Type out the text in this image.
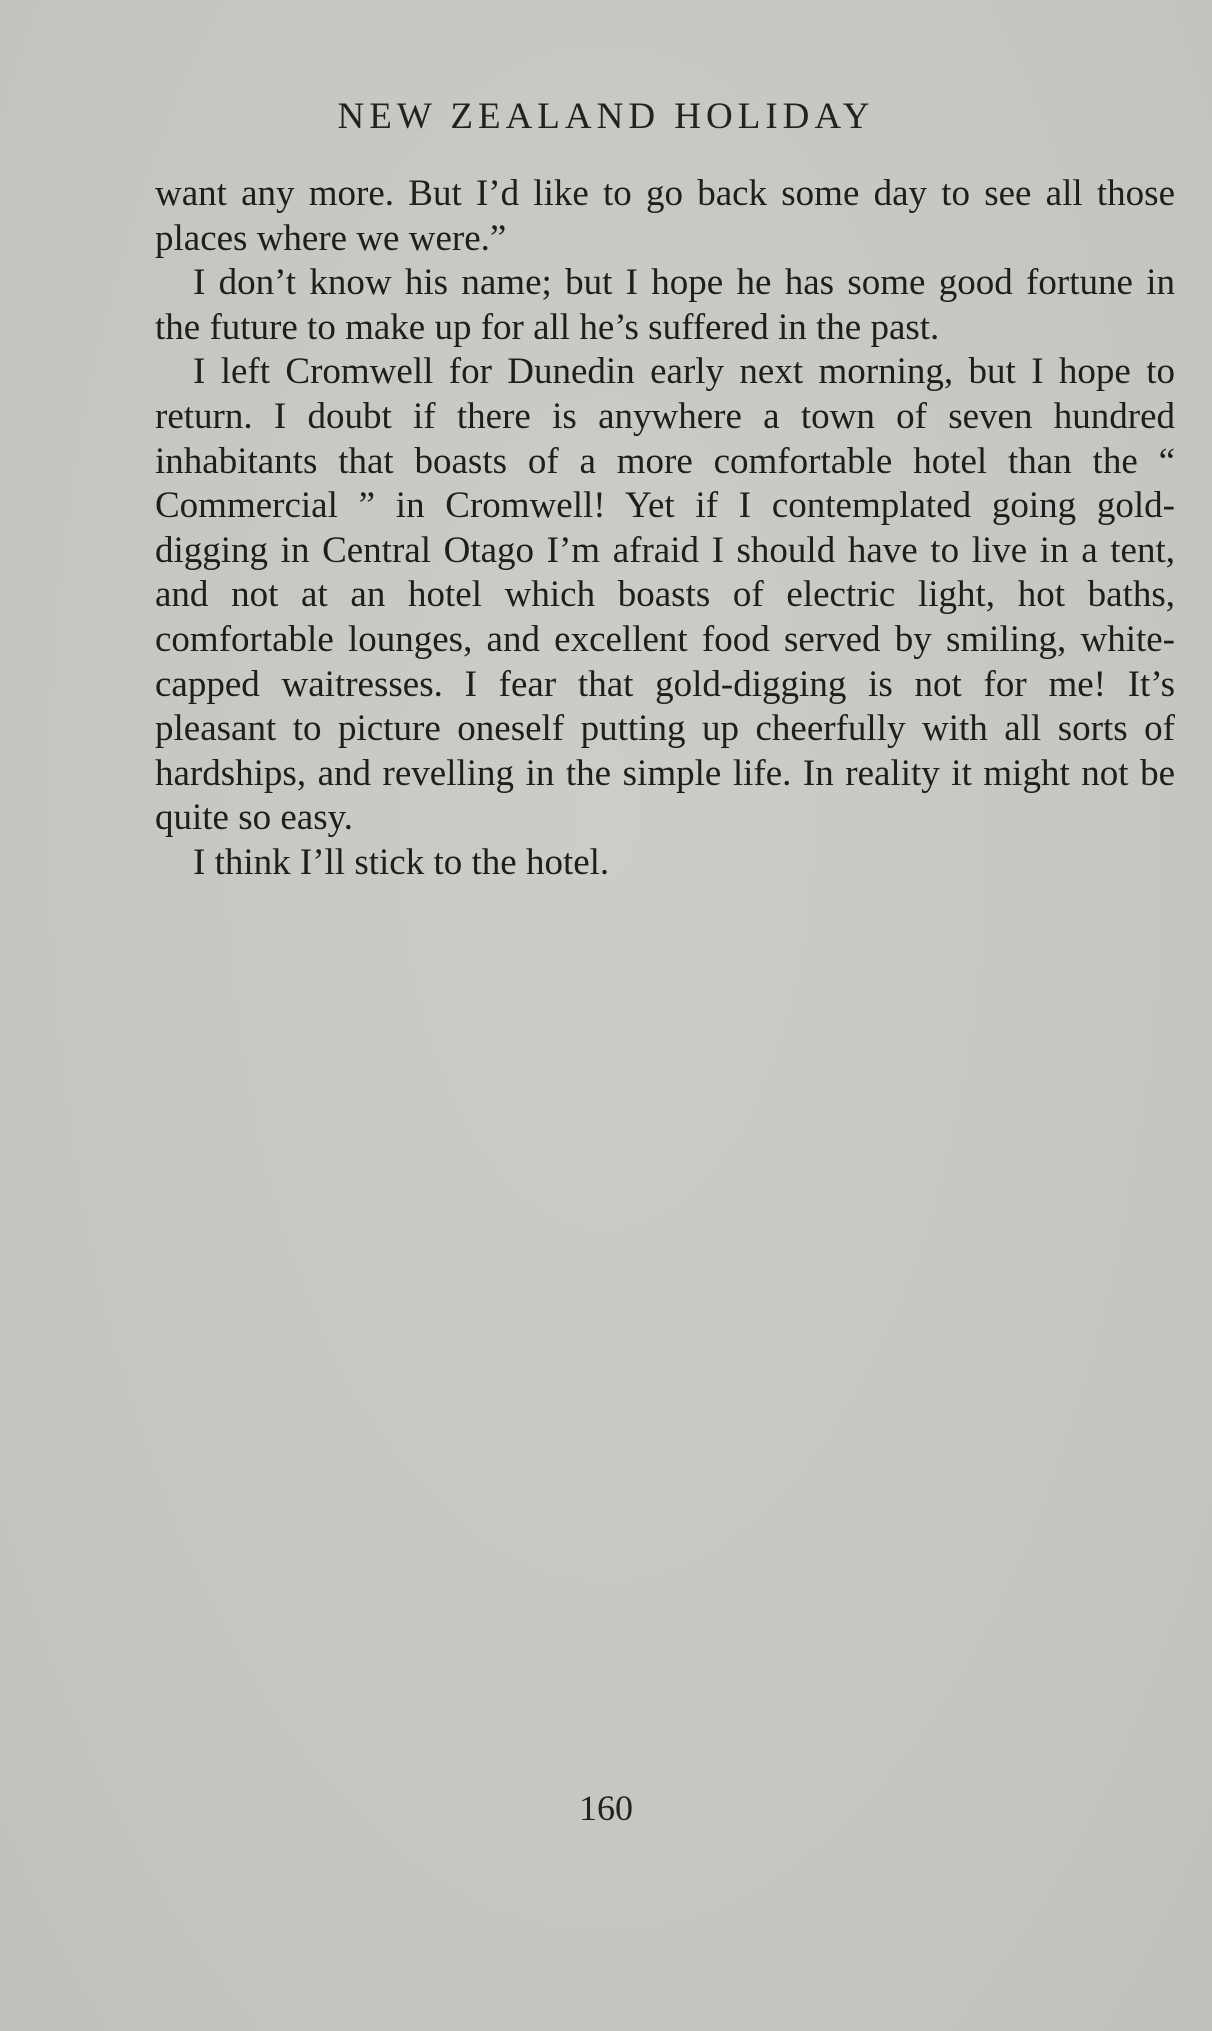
NEW ZEALAND HOLIDAY

want any more. But I’d like to go back some day to see all those places where we were.”

I don’t know his name; but I hope he has some good fortune in the future to make up for all he’s suffered in the past.

I left Cromwell for Dunedin early next morning, but I hope to return. I doubt if there is anywhere a town of seven hundred inhabitants that boasts of a more comfortable hotel than the “ Commercial ” in Cromwell! Yet if I contemplated going gold-digging in Central Otago I’m afraid I should have to live in a tent, and not at an hotel which boasts of electric light, hot baths, comfortable lounges, and excellent food served by smiling, white-capped waitresses. I fear that gold-digging is not for me! It’s pleasant to picture oneself putting up cheerfully with all sorts of hardships, and revelling in the simple life. In reality it might not be quite so easy.

I think I’ll stick to the hotel.

160
